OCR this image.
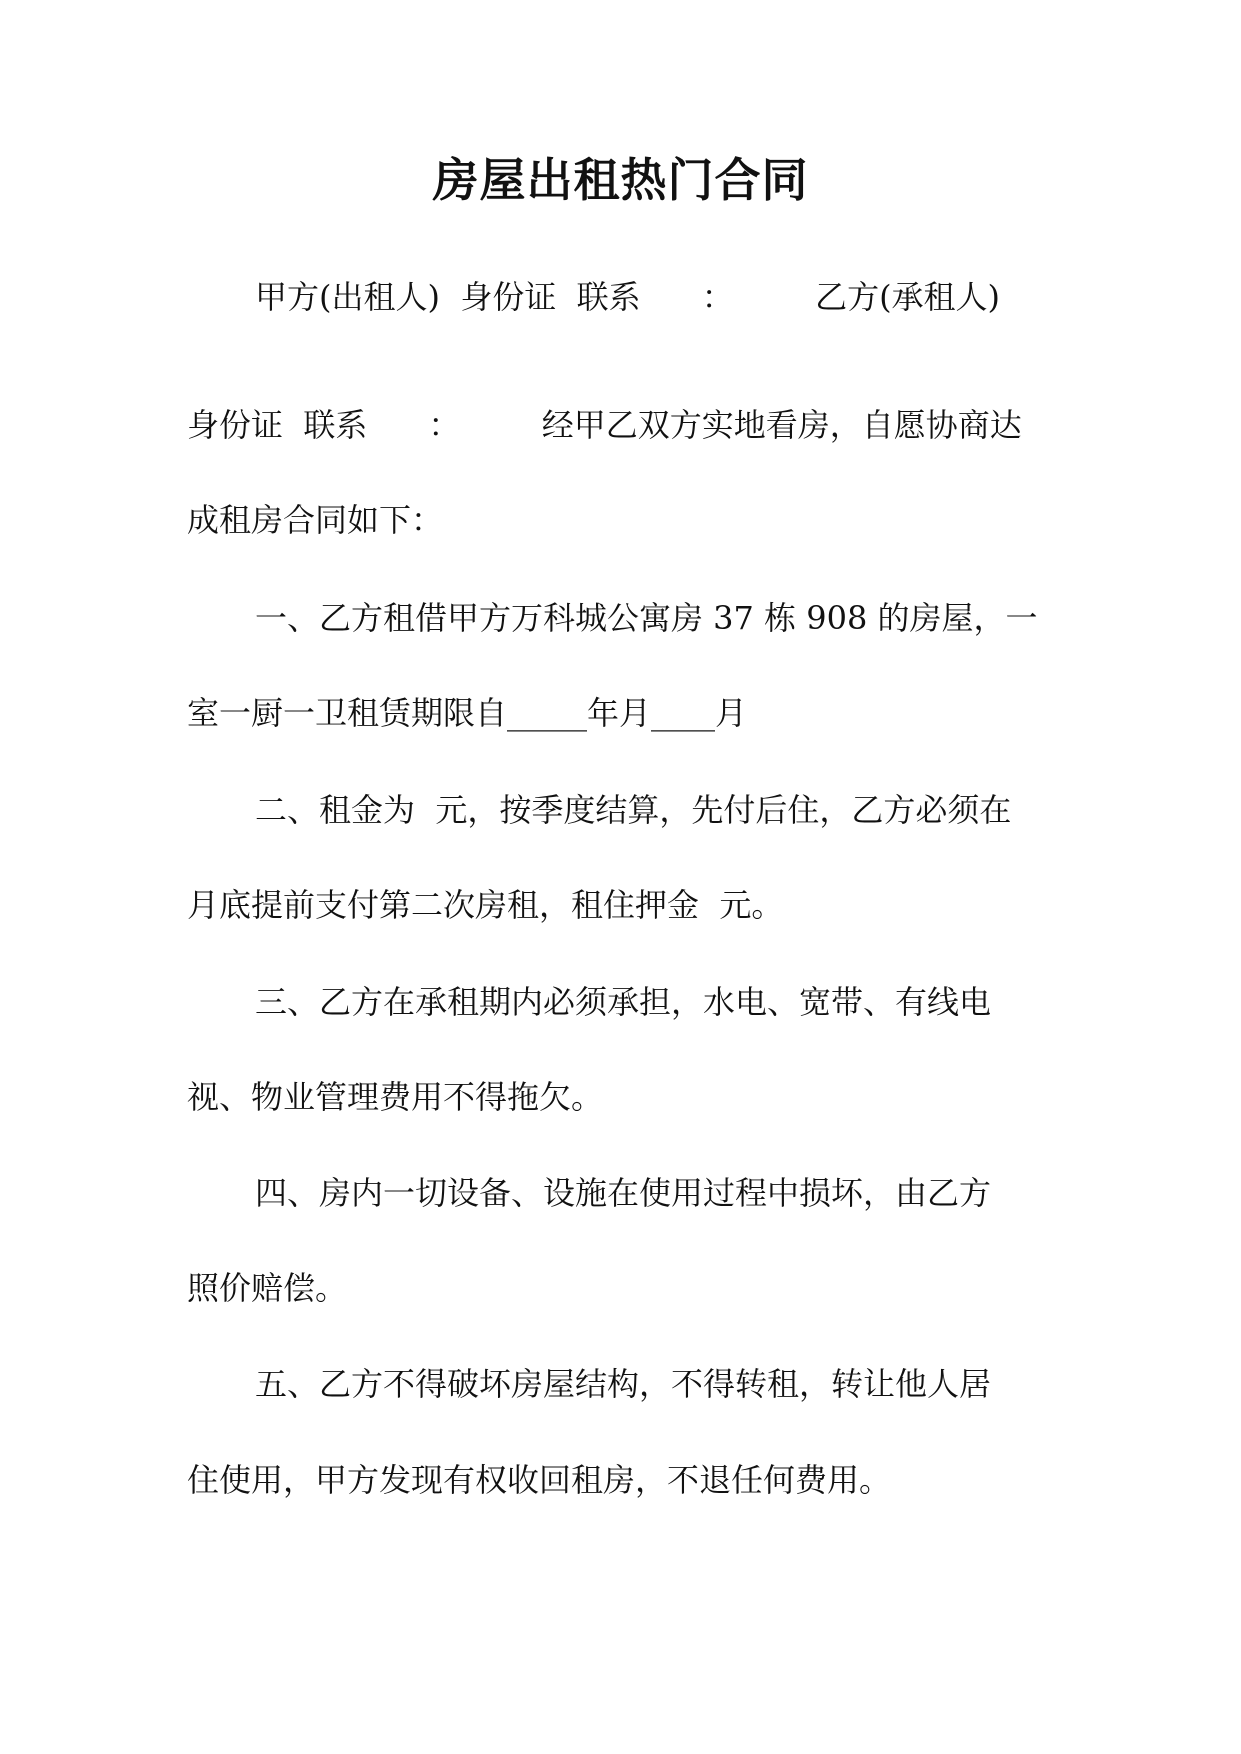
房屋出租热门合同

甲方(出租人)  身份证  联系      ：        乙方(承租人)

身份证  联系      ：        经甲乙双方实地看房，自愿协商达

成租房合同如下：

一、乙方租借甲方万科城公寓房 37 栋 908 的房屋，一

室一厨一卫租赁期限自_____年月____月

二、租金为  元，按季度结算，先付后住，乙方必须在

月底提前支付第二次房租，租住押金  元。

三、乙方在承租期内必须承担，水电、宽带、有线电

视、物业管理费用不得拖欠。

四、房内一切设备、设施在使用过程中损坏，由乙方

照价赔偿。

五、乙方不得破坏房屋结构，不得转租，转让他人居

住使用，甲方发现有权收回租房，不退任何费用。
